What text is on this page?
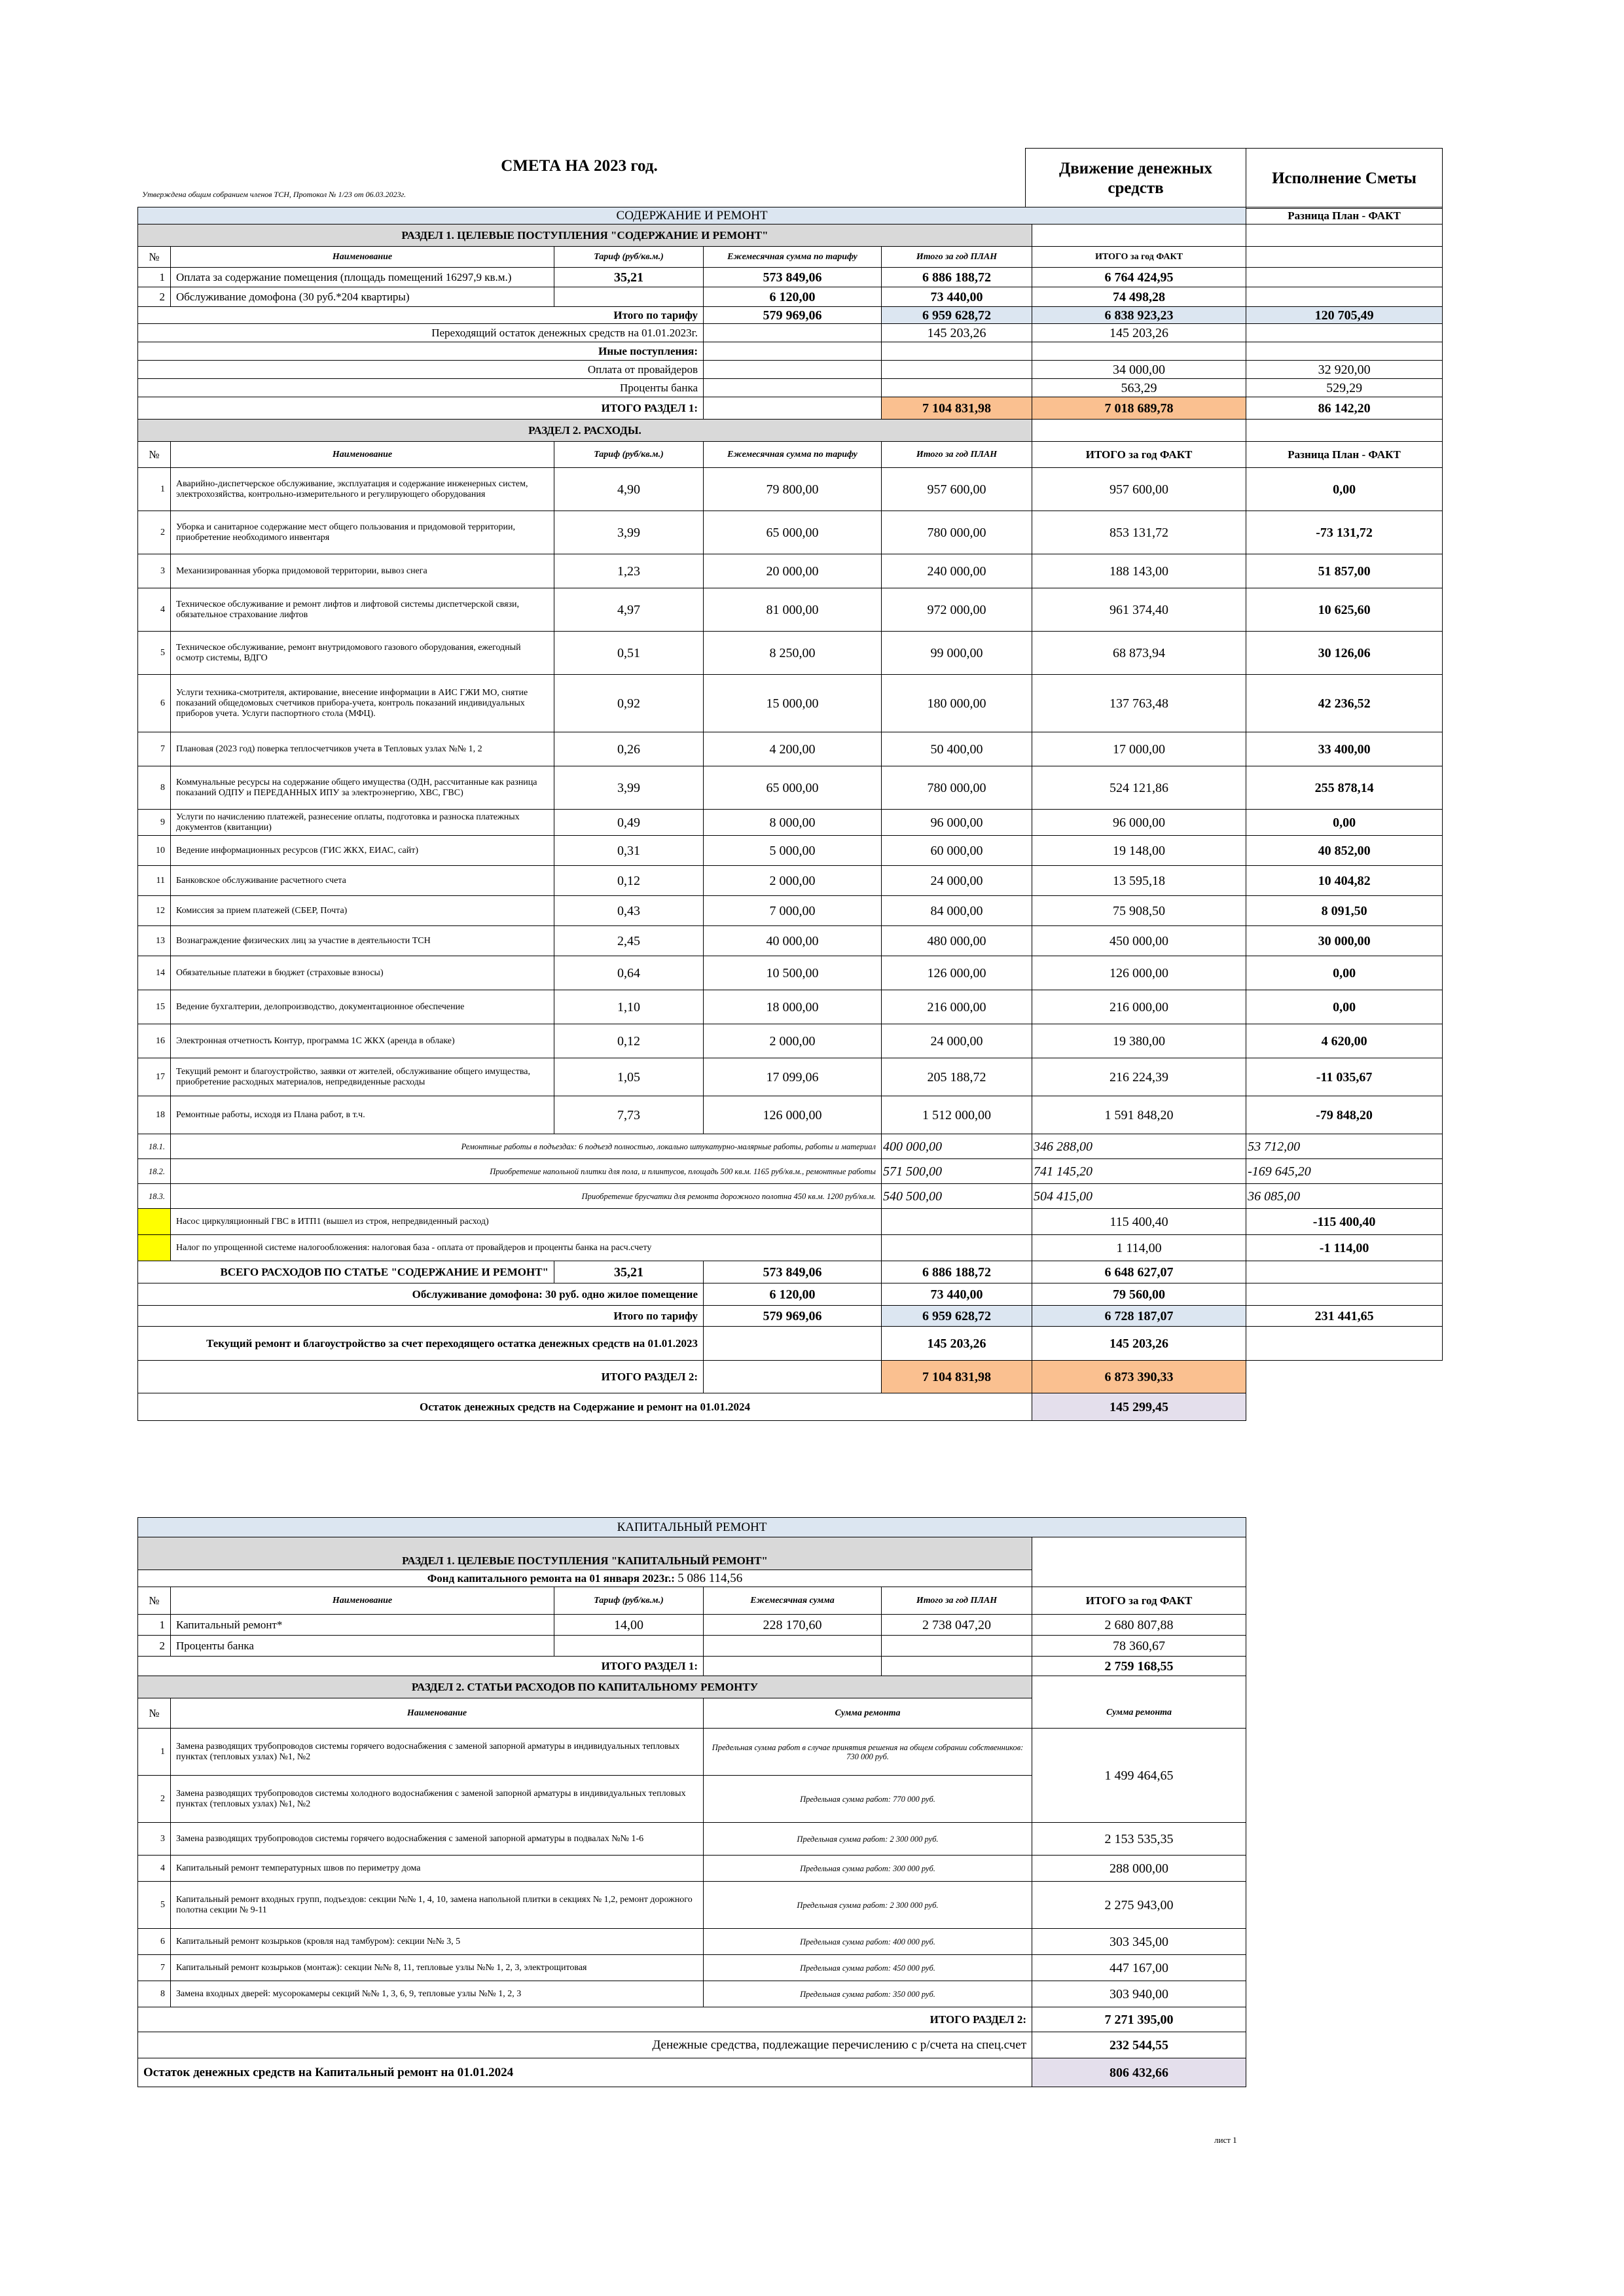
СМЕТА НА 2023 год.
Утверждена общим собранием членов ТСН, Протокол № 1/23 от 06.03.2023г.
Движение денежных средств	Исполнение Сметы
СОДЕРЖАНИЕ И РЕМОНТ						Разница План - ФАКТ
РАЗДЕЛ 1. ЦЕЛЕВЫЕ ПОСТУПЛЕНИЯ "СОДЕРЖАНИЕ И РЕМОНТ"						
№	Наименование	Тариф (руб/кв.м.)	Ежемесячная сумма по тарифу	Итого за год ПЛАН	ИТОГО за год ФАКТ	
1	Оплата за содержание помещения (площадь помещений 16297,9 кв.м.)	35,21	573 849,06	6 886 188,72	6 764 424,95	
2	Обслуживание домофона (30 руб.*204 квартиры)		6 120,00	73 440,00	74 498,28	
Итого по тарифу			579 969,06	6 959 628,72	6 838 923,23	120 705,49
Переходящий остаток денежных средств на 01.01.2023г.				145 203,26	145 203,26	
Иные поступления:						
Оплата от провайдеров					34 000,00	32 920,00
Проценты банка					563,29	529,29
ИТОГО РАЗДЕЛ 1:				7 104 831,98	7 018 689,78	86 142,20
РАЗДЕЛ 2. РАСХОДЫ.						
№	Наименование	Тариф (руб/кв.м.)	Ежемесячная сумма по тарифу	Итого за год ПЛАН	ИТОГО за год ФАКТ	Разница План - ФАКТ
1	Аварийно-диспетчерское обслуживание, эксплуатация и содержание инженерных систем, электрохозяйства, контрольно-измерительного и регулирующего оборудования	4,90	79 800,00	957 600,00	957 600,00	0,00
2	Уборка и санитарное содержание мест общего пользования и придомовой территории, приобретение необходимого инвентаря	3,99	65 000,00	780 000,00	853 131,72	-73 131,72
3	Механизированная уборка придомовой территории, вывоз снега	1,23	20 000,00	240 000,00	188 143,00	51 857,00
4	Техническое обслуживание и ремонт лифтов и лифтовой системы диспетчерской связи, обязательное страхование лифтов	4,97	81 000,00	972 000,00	961 374,40	10 625,60
5	Техническое обслуживание, ремонт внутридомового газового оборудования, ежегодный осмотр системы, ВДГО	0,51	8 250,00	99 000,00	68 873,94	30 126,06
6	Услуги техника-смотрителя, актирование, внесение информации в АИС ГЖИ МО, снятие показаний общедомовых счетчиков прибора-учета, контроль показаний индивидуальных приборов учета. Услуги паспортного стола (МФЦ).	0,92	15 000,00	180 000,00	137 763,48	42 236,52
7	Плановая (2023 год) поверка теплосчетчиков учета в Тепловых узлах №№ 1, 2	0,26	4 200,00	50 400,00	17 000,00	33 400,00
8	Коммунальные ресурсы на содержание общего имущества (ОДН, рассчитанные как разница показаний ОДПУ и ПЕРЕДАННЫХ ИПУ за электроэнергию, ХВС, ГВС)	3,99	65 000,00	780 000,00	524 121,86	255 878,14
9	Услуги по начислению платежей, разнесение оплаты, подготовка и разноска платежных документов (квитанции)	0,49	8 000,00	96 000,00	96 000,00	0,00
10	Ведение информационных ресурсов (ГИС ЖКХ, ЕИАС, сайт)	0,31	5 000,00	60 000,00	19 148,00	40 852,00
11	Банковское обслуживание расчетного счета	0,12	2 000,00	24 000,00	13 595,18	10 404,82
12	Комиссия за прием платежей (СБЕР, Почта)	0,43	7 000,00	84 000,00	75 908,50	8 091,50
13	Вознаграждение физических лиц за участие в деятельности ТСН	2,45	40 000,00	480 000,00	450 000,00	30 000,00
14	Обязательные платежи в бюджет (страховые взносы)	0,64	10 500,00	126 000,00	126 000,00	0,00
15	Ведение бухгалтерии, делопроизводство, документационное обеспечение	1,10	18 000,00	216 000,00	216 000,00	0,00
16	Электронная отчетность Контур, программа 1С ЖКХ (аренда в облаке)	0,12	2 000,00	24 000,00	19 380,00	4 620,00
17	Текущий ремонт и благоустройство, заявки от жителей, обслуживание общего имущества, приобретение расходных материалов, непредвиденные расходы	1,05	17 099,06	205 188,72	216 224,39	-11 035,67
18	Ремонтные работы, исходя из Плана работ, в т.ч.	7,73	126 000,00	1 512 000,00	1 591 848,20	-79 848,20
18.1.	Ремонтные работы в подъездах: 6 подъезд полностью, локально штукатурно-малярные работы, работы и материал			400 000,00	346 288,00	53 712,00
18.2.	Приобретение напольной плитки для пола, и плинтусов, площадь 500 кв.м. 1165 руб/кв.м., ремонтные работы			571 500,00	741 145,20	-169 645,20
18.3.	Приобретение брусчатки для ремонта дорожного полотна 450 кв.м. 1200 руб/кв.м.			540 500,00	504 415,00	36 085,00
	Насос циркуляционный ГВС в ИТП1 (вышел из строя, непредвиденный расход)				115 400,40	-115 400,40
	Налог по упрощенной системе налогообложения: налоговая база - оплата от провайдеров и проценты банка на расч.счету				1 114,00	-1 114,00
ВСЕГО РАСХОДОВ ПО СТАТЬЕ "СОДЕРЖАНИЕ И РЕМОНТ"		35,21	573 849,06	6 886 188,72	6 648 627,07	
Обслуживание домофона: 30 руб. одно жилое помещение			6 120,00	73 440,00	79 560,00	
Итого по тарифу			579 969,06	6 959 628,72	6 728 187,07	231 441,65
Текущий ремонт и благоустройство за счет переходящего остатка денежных средств на 01.01.2023				145 203,26	145 203,26	
ИТОГО РАЗДЕЛ 2:				7 104 831,98	6 873 390,33	
Остаток денежных средств на Содержание и ремонт на 01.01.2024					145 299,45	
КАПИТАЛЬНЫЙ РЕМОНТ					
РАЗДЕЛ 1. ЦЕЛЕВЫЕ ПОСТУПЛЕНИЯ "КАПИТАЛЬНЫЙ РЕМОНТ"					
Фонд капитального ремонта на 01 января 2023г.: 5 086 114,56					
№	Наименование	Тариф (руб/кв.м.)	Ежемесячная сумма	Итого за год ПЛАН	ИТОГО за год ФАКТ
1	Капитальный ремонт*	14,00	228 170,60	2 738 047,20	2 680 807,88
2	Проценты банка				78 360,67
ИТОГО РАЗДЕЛ 1:					2 759 168,55
РАЗДЕЛ 2. СТАТЬИ РАСХОДОВ ПО КАПИТАЛЬНОМУ РЕМОНТУ					
№	Наименование		Сумма ремонта		Сумма ремонта
1	Замена разводящих трубопроводов системы горячего водоснабжения с заменой запорной арматуры в индивидуальных тепловых пунктах (тепловых узлах) №1, №2		Предельная сумма работ в случае принятия решения на общем собрании собственников: 730 000 руб.		1 499 464,65
2	Замена разводящих трубопроводов системы холодного водоснабжения с заменой запорной арматуры в индивидуальных тепловых пунктах (тепловых узлах) №1, №2		Предельная сумма работ: 770 000 руб.		
3	Замена разводящих трубопроводов системы горячего водоснабжения с заменой запорной арматуры в подвалах №№ 1-6		Предельная сумма работ: 2 300 000 руб.		2 153 535,35
4	Капитальный ремонт температурных швов по периметру дома		Предельная сумма работ: 300 000 руб.		288 000,00
5	Капитальный ремонт входных групп, подъездов: секции №№ 1, 4, 10, замена напольной плитки в секциях № 1,2, ремонт дорожного полотна секции № 9-11		Предельная сумма работ: 2 300 000 руб.		2 275 943,00
6	Капитальный ремонт козырьков (кровля над тамбуром): секции №№ 3, 5		Предельная сумма работ: 400 000 руб.		303 345,00
7	Капитальный ремонт козырьков (монтаж): секции №№ 8, 11, тепловые узлы №№ 1, 2, 3, электрощитовая		Предельная сумма работ: 450 000 руб.		447 167,00
8	Замена входных дверей: мусорокамеры секций №№ 1, 3, 6, 9, тепловые узлы №№ 1, 2, 3		Предельная сумма работ: 350 000 руб.		303 940,00
ИТОГО РАЗДЕЛ 2:					7 271 395,00
Денежные средства, подлежащие перечислению с р/счета на спец.счет					232 544,55
Остаток денежных средств на Капитальный ремонт на 01.01.2024					806 432,66
лист 1
